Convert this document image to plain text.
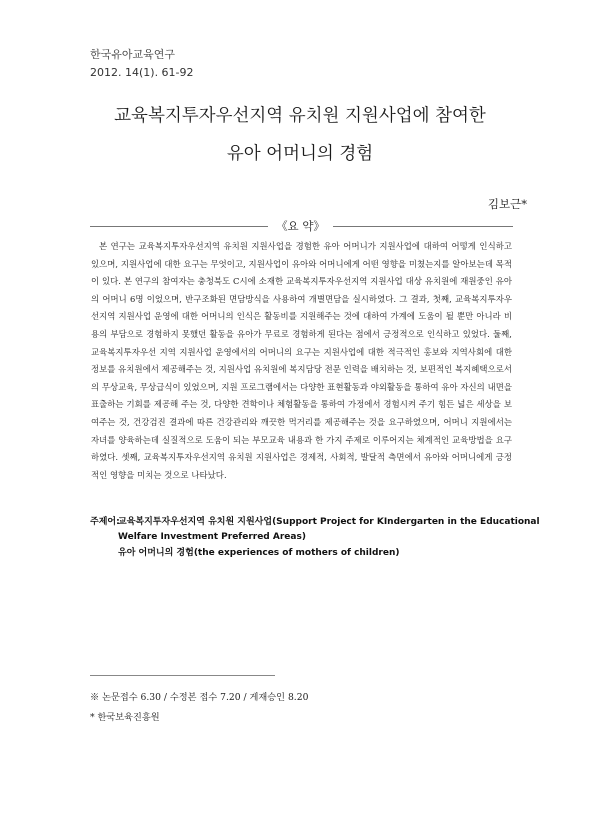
한국유아교육연구
2012. 14(1). 61-92
교육복지투자우선지역 유치원 지원사업에 참여한
유아 어머니의 경험
김보근*
《요 약》

본 연구는 교육복지투자우선지역 유치원 지원사업을 경험한 유아 어머니가 지원사업에 대하여 어떻게 인식하고 있으며, 지원사업에 대한 요구는 무엇이고, 지원사업이 유아와 어머니에게 어떤 영향을 미쳤는지를 알아보는데 목적이 있다. 본 연구의 참여자는 충청북도 C시에 소재한 교육복지투자우선지역 지원사업 대상 유치원에 재원중인 유아의 어머니 6명 이었으며, 반구조화된 면담방식을 사용하여 개별면담을 실시하였다. 그 결과, 첫째, 교육복지투자우선지역 지원사업 운영에 대한 어머니의 인식은 활동비를 지원해주는 것에 대하여 가계에 도움이 될 뿐만 아니라 비용의 부담으로 경험하지 못했던 활동을 유아가 무료로 경험하게 된다는 점에서 긍정적으로 인식하고 있었다. 둘째, 교육복지투자우선 지역 지원사업 운영에서의 어머니의 요구는 지원사업에 대한 적극적인 홍보와 지역사회에 대한 정보를 유치원에서 제공해주는 것, 지원사업 유치원에 복지담당 전문 인력을 배치하는 것, 보편적인 복지혜택으로서의 무상교육, 무상급식이 있었으며, 지원 프로그램에서는 다양한 표현활동과 야외활동을 통하여 유아 자신의 내면을 표출하는 기회를 제공해 주는 것, 다양한 견학이나 체험활동을 통하여 가정에서 경험시켜 주기 힘든 넓은 세상을 보여주는 것, 건강검진 결과에 따른 건강관리와 깨끗한 먹거리를 제공해주는 것을 요구하였으며, 어머니 지원에서는 자녀를 양육하는데 실질적으로 도움이 되는 부모교육 내용과 한 가지 주제로 이루어지는 체계적인 교육방법을 요구하였다. 셋째, 교육복지투자우선지역 유치원 지원사업은 경제적, 사회적, 발달적 측면에서 유아와 어머니에게 긍정적인 영향을 미치는 것으로 나타났다.

주제어:
교육복지투자우선지역 유치원 지원사업(Support Project for KIndergarten in the Educational
Welfare Investment Preferred Areas)
유아 어머니의 경험(the experiences of mothers of children)
※ 논문접수 6.30 / 수정본 접수 7.20 / 게재승인 8.20
* 한국보육진흥원
